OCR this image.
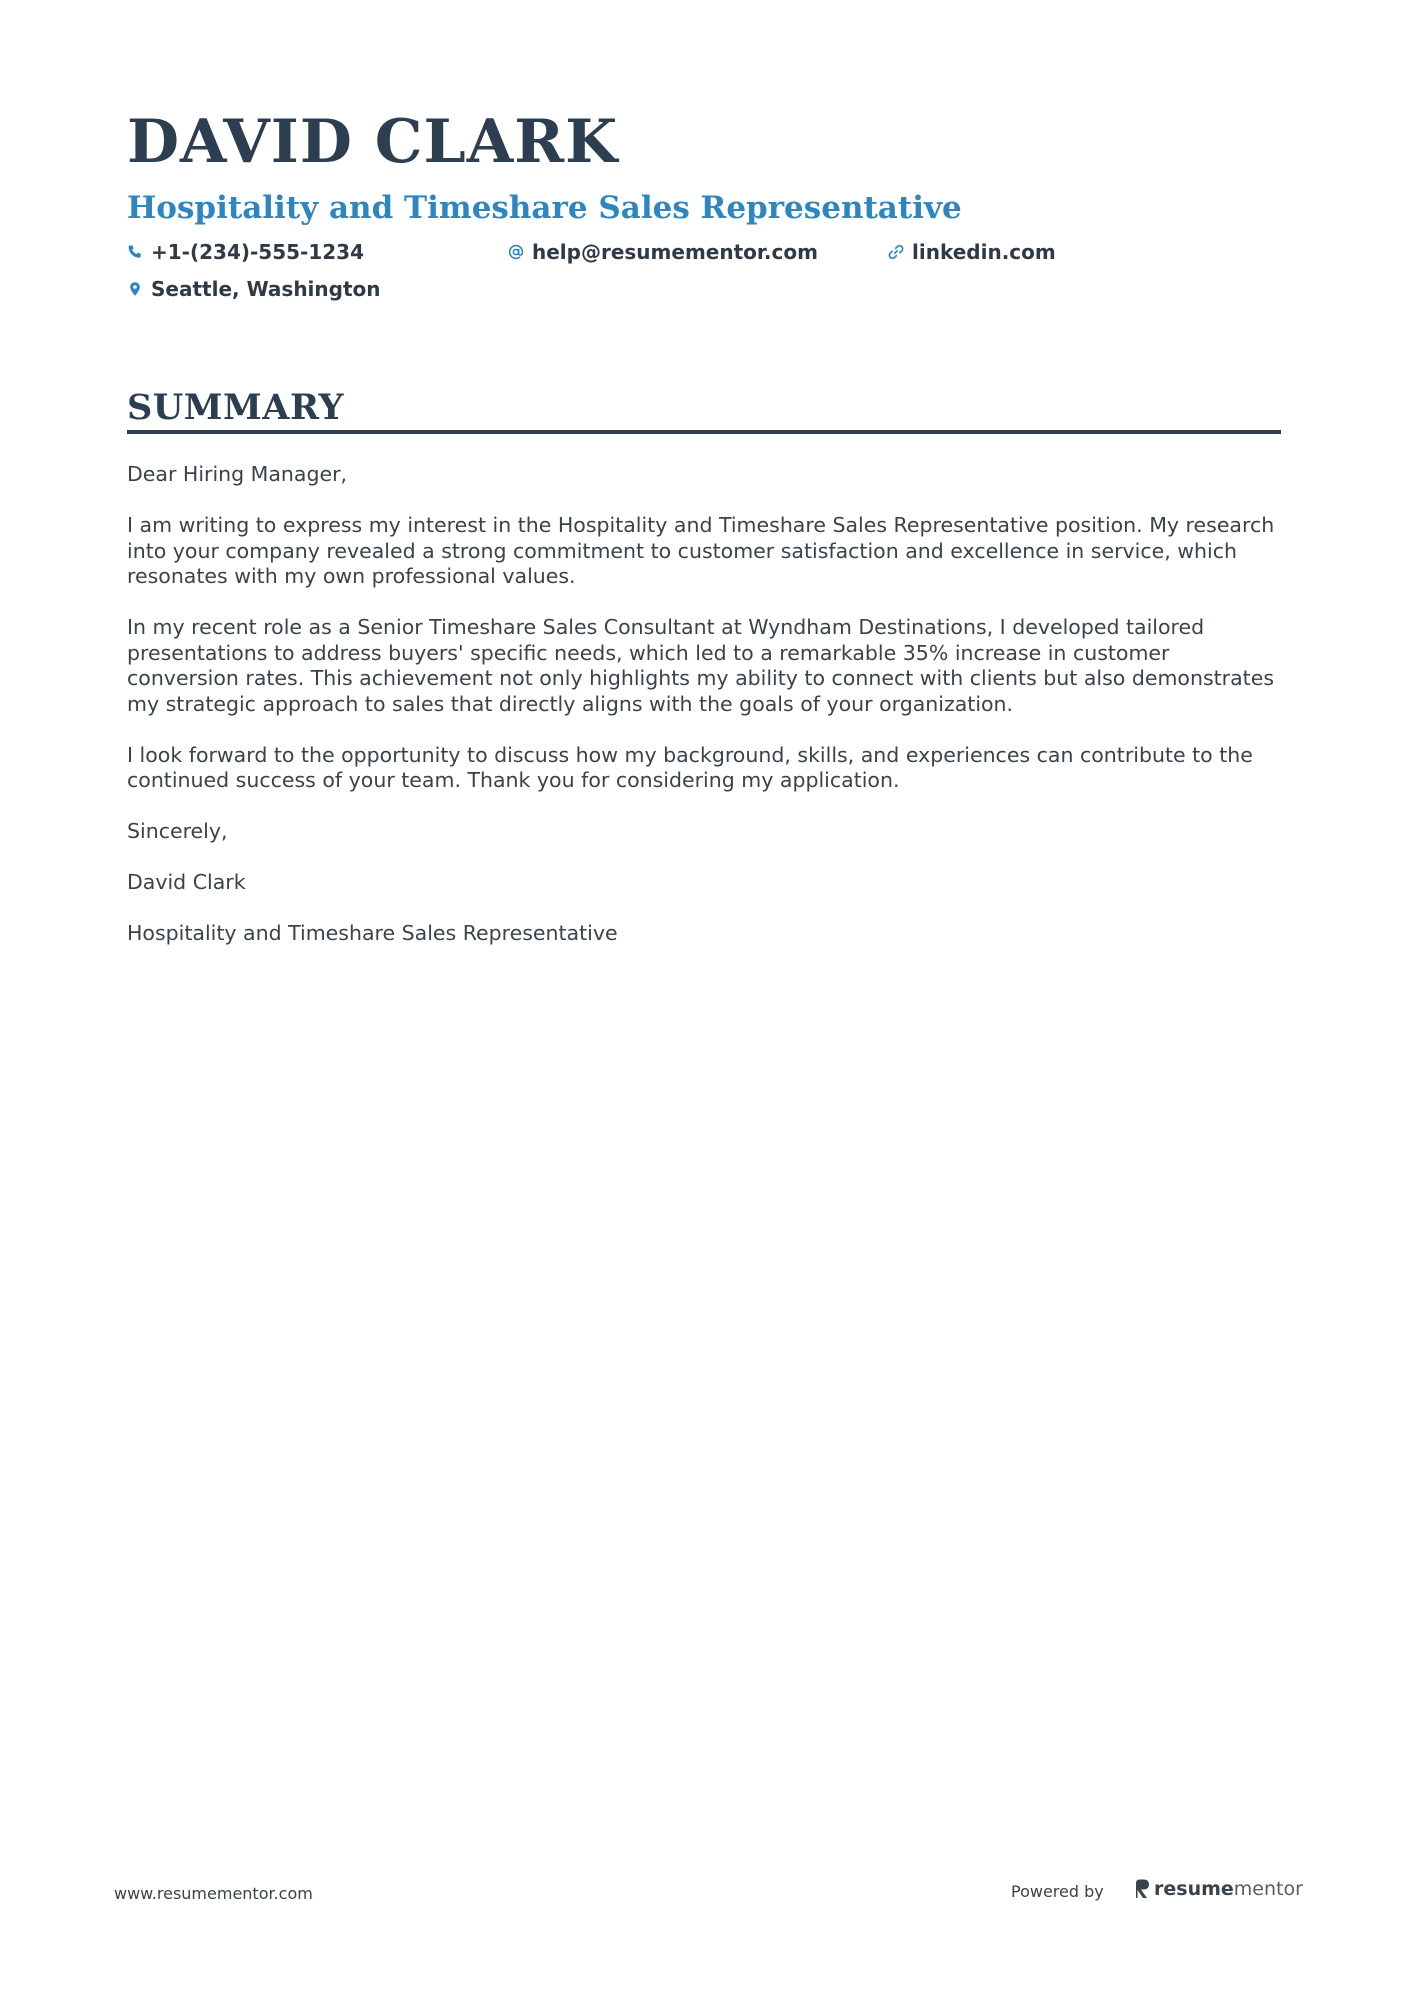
DAVID CLARK
Hospitality and Timeshare Sales Representative
+1-(234)-555-1234	help@resumementor.com	linkedin.com
Seattle, Washington
SUMMARY

Dear Hiring Manager,

I am writing to express my interest in the Hospitality and Timeshare Sales Representative position. My research into your company revealed a strong commitment to customer satisfaction and excellence in service, which resonates with my own professional values.

In my recent role as a Senior Timeshare Sales Consultant at Wyndham Destinations, I developed tailored presentations to address buyers' specific needs, which led to a remarkable 35% increase in customer conversion rates. This achievement not only highlights my ability to connect with clients but also demonstrates my strategic approach to sales that directly aligns with the goals of your organization.

I look forward to the opportunity to discuss how my background, skills, and experiences can contribute to the continued success of your team. Thank you for considering my application.

Sincerely,

David Clark

Hospitality and Timeshare Sales Representative

www.resumementor.com	Powered by	resumementor
